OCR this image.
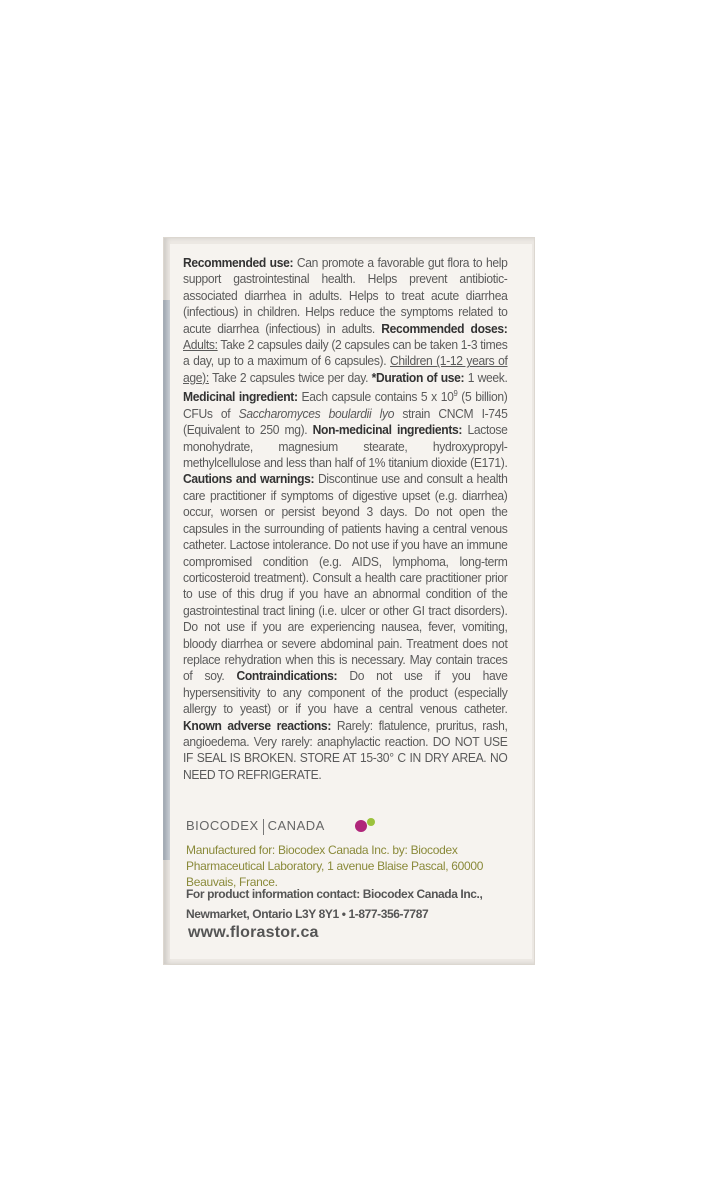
Recommended use: Can promote a favorable gut flora to help support gastrointestinal health. Helps prevent antibiotic-associated diarrhea in adults. Helps to treat acute diarrhea (infectious) in children. Helps reduce the symptoms related to acute diarrhea (infectious) in adults. Recommended doses: Adults: Take 2 capsules daily (2 capsules can be taken 1-3 times a day, up to a maximum of 6 capsules). Children (1-12 years of age): Take 2 capsules twice per day. *Duration of use: 1 week. Medicinal ingredient: Each capsule contains 5 x $10^9$ (5 billion) CFUs of Saccharomyces boulardii lyo strain CNCM I-745 (Equivalent to 250 mg). Non-medicinal ingredients: Lactose monohydrate, magnesium stearate, hydroxypropyl-methylcellulose and less than half of 1% titanium dioxide (E171). Cautions and warnings: Discontinue use and consult a health care practitioner if symptoms of digestive upset (e.g. diarrhea) occur, worsen or persist beyond 3 days. Do not open the capsules in the surrounding of patients having a central venous catheter. Lactose intolerance. Do not use if you have an immune compromised condition (e.g. AIDS, lymphoma, long-term corticosteroid treatment). Consult a health care practitioner prior to use of this drug if you have an abnormal condition of the gastrointestinal tract lining (i.e. ulcer or other GI tract disorders). Do not use if you are experiencing nausea, fever, vomiting, bloody diarrhea or severe abdominal pain. Treatment does not replace rehydration when this is necessary. May contain traces of soy. Contraindications: Do not use if you have hypersensitivity to any component of the product (especially allergy to yeast) or if you have a central venous catheter. Known adverse reactions: Rarely: flatulence, pruritus, rash, angioedema. Very rarely: anaphylactic reaction. DO NOT USE IF SEAL IS BROKEN. STORE AT 15-30° C IN DRY AREA. NO NEED TO REFRIGERATE.
BIOCODEX CANADA
Manufactured for: Biocodex Canada Inc. by: Biocodex Pharmaceutical Laboratory, 1 avenue Blaise Pascal, 60000 Beauvais, France.
For product information contact: Biocodex Canada Inc.,
Newmarket, Ontario L3Y 8Y1 • 1-877-356-7787
www.florastor.ca
